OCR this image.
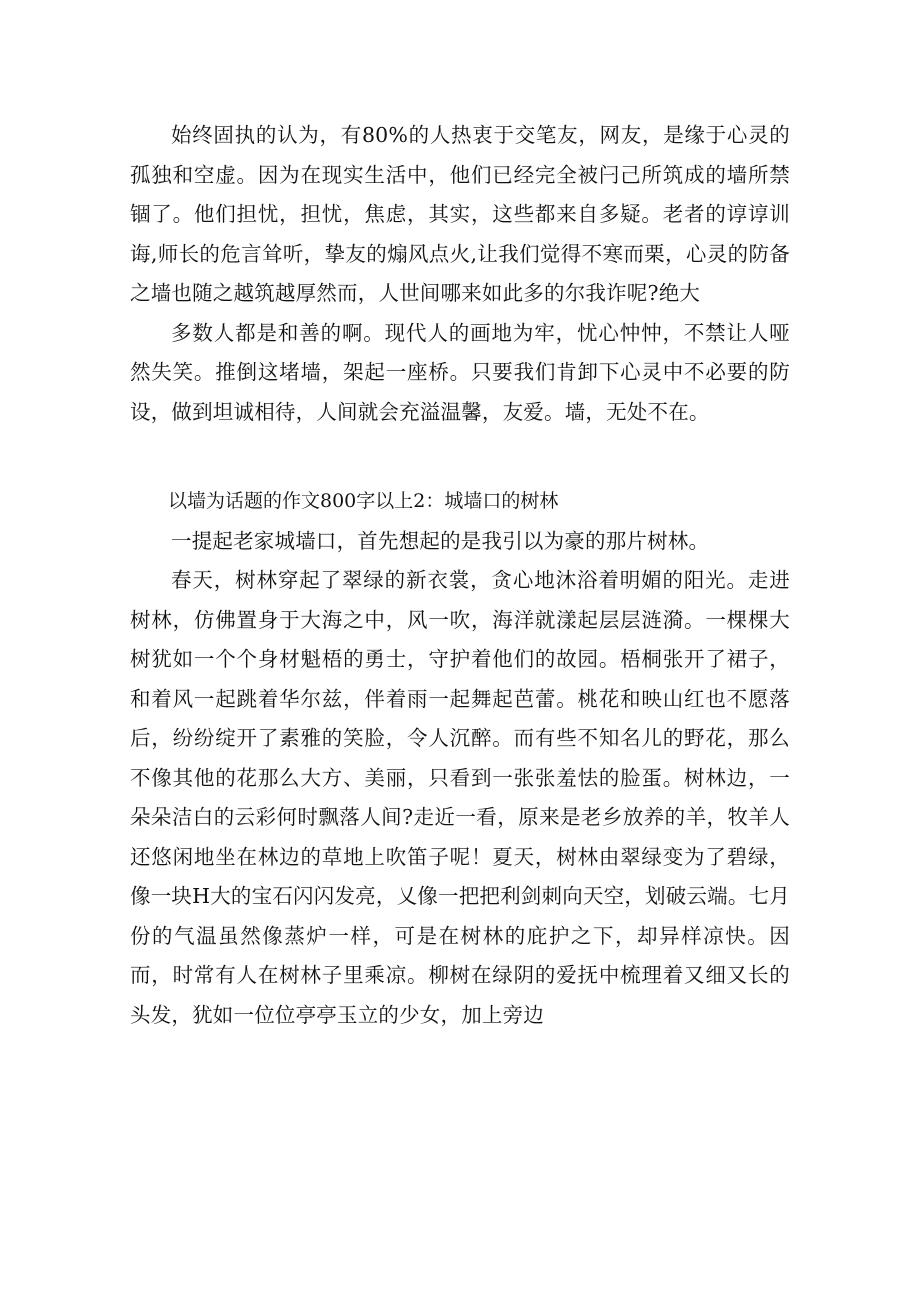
始终固执的认为，有80%的人热衷于交笔友，网友，是缘于心灵的孤独和空虚。因为在现实生活中，他们已经完全被闩己所筑成的墙所禁锢了。他们担忧，担忧，焦虑，其实，这些都来自多疑。老者的谆谆训诲,师长的危言耸听，挚友的煽风点火,让我们觉得不寒而栗，心灵的防备之墙也随之越筑越厚然而，人世间哪来如此多的尔我诈呢?绝大

多数人都是和善的啊。现代人的画地为牢，忧心忡忡，不禁让人哑然失笑。推倒这堵墙，架起一座桥。只要我们肯卸下心灵中不必要的防设，做到坦诚相待，人间就会充溢温馨，友爱。墙，无处不在。

以墙为话题的作文800字以上2：城墙口的树林

一提起老家城墙口，首先想起的是我引以为豪的那片树林。

春天，树林穿起了翠绿的新衣裳，贪心地沐浴着明媚的阳光。走进树林，仿佛置身于大海之中，风一吹，海洋就漾起层层涟漪。一棵棵大树犹如一个个身材魁梧的勇士，守护着他们的故园。梧桐张开了裙子，和着风一起跳着华尔兹，伴着雨一起舞起芭蕾。桃花和映山红也不愿落后，纷纷绽开了素雅的笑脸，令人沉醉。而有些不知名儿的野花，那么不像其他的花那么大方、美丽，只看到一张张羞怯的脸蛋。树林边，一朵朵洁白的云彩何时飘落人间?走近一看，原来是老乡放养的羊，牧羊人还悠闲地坐在林边的草地上吹笛子呢！夏天，树林由翠绿变为了碧绿，像一块H大的宝石闪闪发亮，乂像一把把利剑刺向天空，划破云端。七月份的气温虽然像蒸炉一样，可是在树林的庇护之下，却异样凉快。因而，时常有人在树林子里乘凉。柳树在绿阴的爱抚中梳理着又细又长的头发，犹如一位位亭亭玉立的少女，加上旁边
